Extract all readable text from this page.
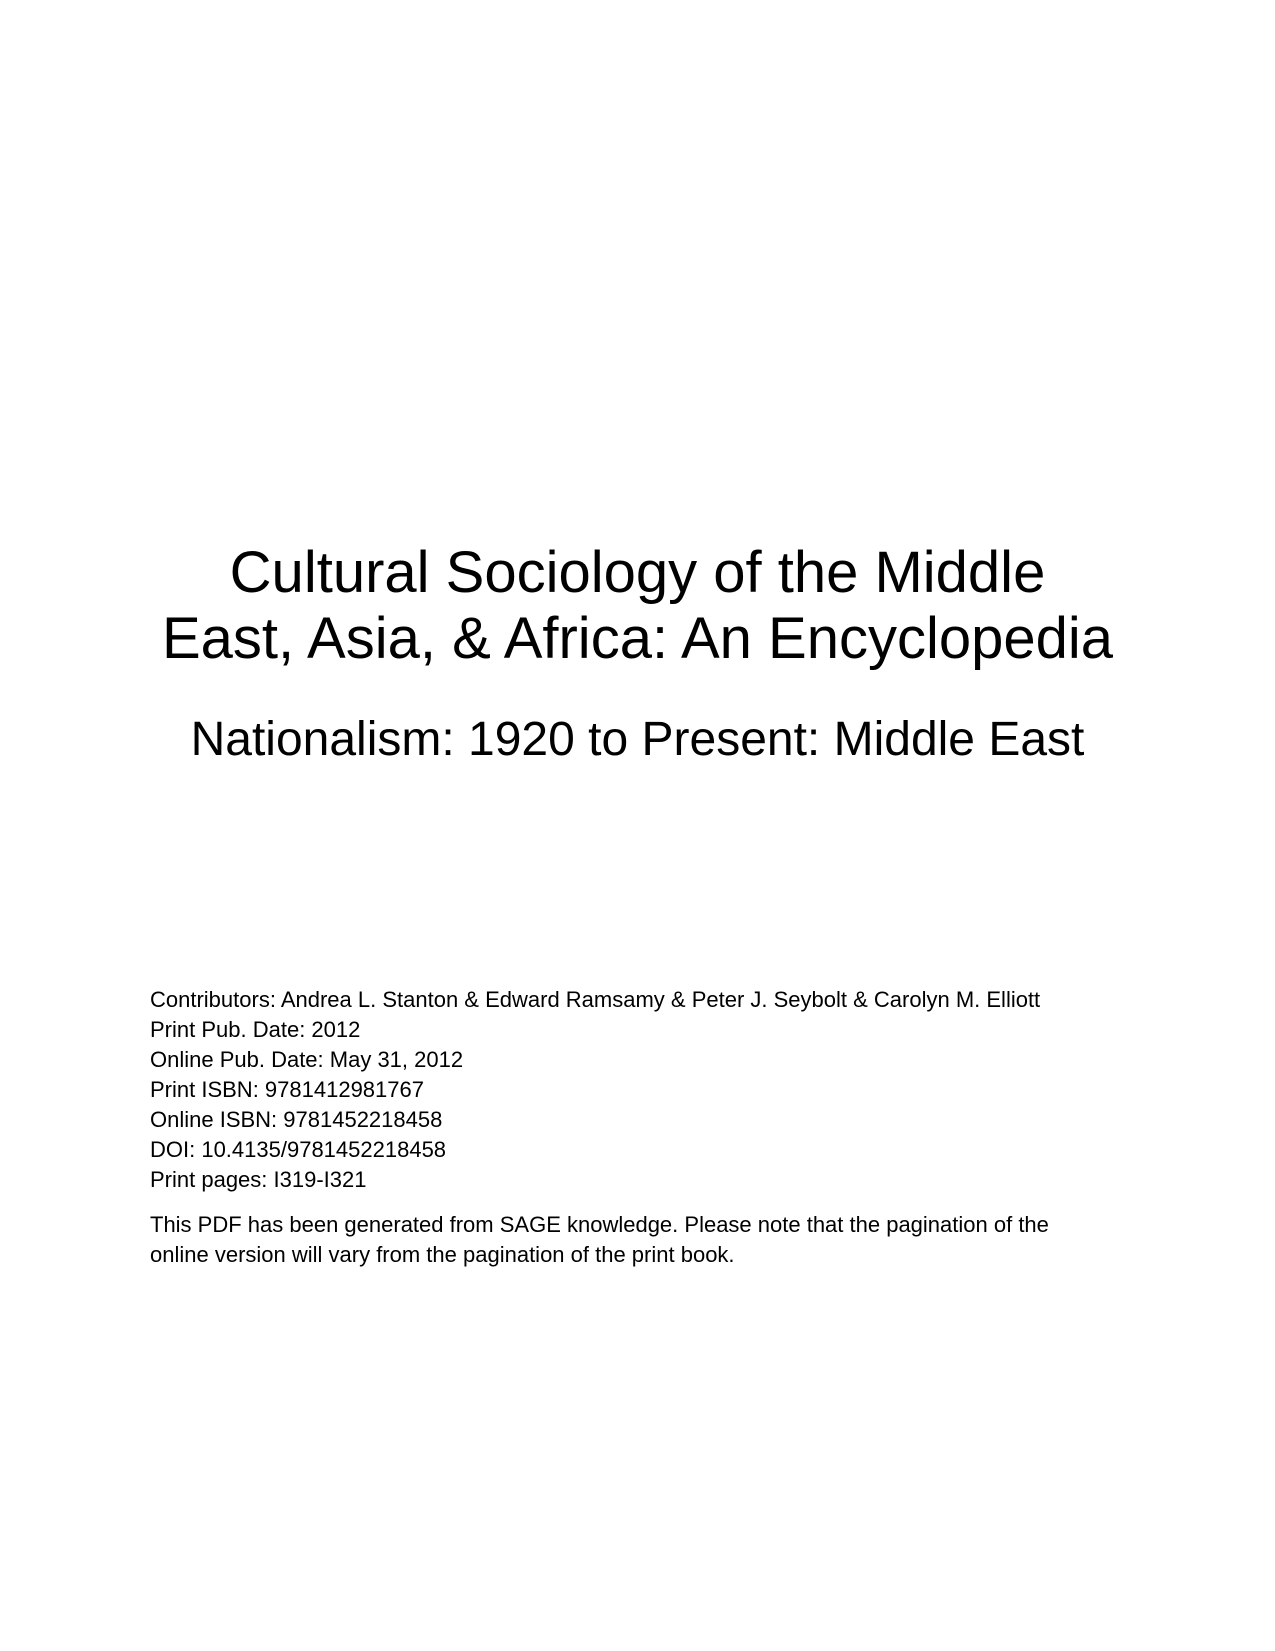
Cultural Sociology of the Middle
East, Asia, & Africa: An Encyclopedia
Nationalism: 1920 to Present: Middle East
Contributors: Andrea L. Stanton & Edward Ramsamy & Peter J. Seybolt & Carolyn M. Elliott
Print Pub. Date: 2012
Online Pub. Date: May 31, 2012
Print ISBN: 9781412981767
Online ISBN: 9781452218458
DOI: 10.4135/9781452218458
Print pages: I319-I321
This PDF has been generated from SAGE knowledge. Please note that the pagination of the online version will vary from the pagination of the print book.
